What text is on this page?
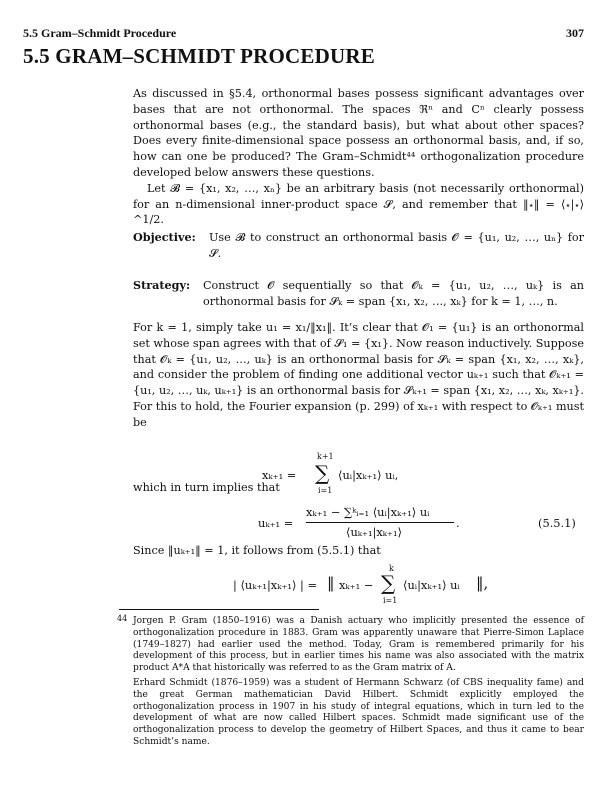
5.5 Gram–Schmidt Procedure	307
5.5 GRAM–SCHMIDT PROCEDURE

As discussed in §5.4, orthonormal bases possess significant advantages over bases that are not orthonormal. The spaces ℜⁿ and Cⁿ clearly possess orthonormal bases (e.g., the standard basis), but what about other spaces? Does every finite-dimensional space possess an orthonormal basis, and, if so, how can one be produced? The Gram–Schmidt⁴⁴ orthogonalization procedure developed below answers these questions.

Let 𝓑 = {x₁, x₂, …, xₙ} be an arbitrary basis (not necessarily orthonormal) for an n-dimensional inner-product space 𝓢, and remember that ‖⋆‖ = ⟨⋆|⋆⟩^1/2.

Objective: Use 𝓑 to construct an orthonormal basis 𝓞 = {u₁, u₂, …, uₙ} for 𝓢.
Strategy: Construct 𝓞 sequentially so that 𝓞ₖ = {u₁, u₂, …, uₖ} is an orthonormal basis for 𝓢ₖ = span {x₁, x₂, …, xₖ} for k = 1, …, n.

For k = 1, simply take u₁ = x₁/‖x₁‖. It’s clear that 𝓞₁ = {u₁} is an orthonormal set whose span agrees with that of 𝓢₁ = {x₁}. Now reason inductively. Suppose that 𝓞ₖ = {u₁, u₂, …, uₖ} is an orthonormal basis for 𝓢ₖ = span {x₁, x₂, …, xₖ}, and consider the problem of finding one additional vector uₖ₊₁ such that 𝓞ₖ₊₁ = {u₁, u₂, …, uₖ, uₖ₊₁} is an orthonormal basis for 𝓢ₖ₊₁ = span {x₁, x₂, …, xₖ, xₖ₊₁}. For this to hold, the Fourier expansion (p. 299) of xₖ₊₁ with respect to 𝓞ₖ₊₁ must be

xₖ₊₁ =
k+1
∑
i=1
⟨uᵢ|xₖ₊₁⟩ uᵢ,
which in turn implies that
uₖ₊₁ =
xₖ₊₁ − ∑ᵏᵢ₌₁ ⟨uᵢ|xₖ₊₁⟩ uᵢ
⟨uₖ₊₁|xₖ₊₁⟩
.	(5.5.1)
Since ‖uₖ₊₁‖ = 1, it follows from (5.5.1) that
| ⟨uₖ₊₁|xₖ₊₁⟩ | = ‖ xₖ₊₁ −
k
∑
i=1
⟨uᵢ|xₖ₊₁⟩ uᵢ ‖,
44 Jorgen P. Gram (1850–1916) was a Danish actuary who implicitly presented the essence of orthogonalization procedure in 1883. Gram was apparently unaware that Pierre-Simon Laplace (1749–1827) had earlier used the method. Today, Gram is remembered primarily for his development of this process, but in earlier times his name was also associated with the matrix product A*A that historically was referred to as the Gram matrix of A.

Erhard Schmidt (1876–1959) was a student of Hermann Schwarz (of CBS inequality fame) and the great German mathematician David Hilbert. Schmidt explicitly employed the orthogonalization process in 1907 in his study of integral equations, which in turn led to the development of what are now called Hilbert spaces. Schmidt made significant use of the orthogonalization process to develop the geometry of Hilbert Spaces, and thus it came to bear Schmidt’s name.
